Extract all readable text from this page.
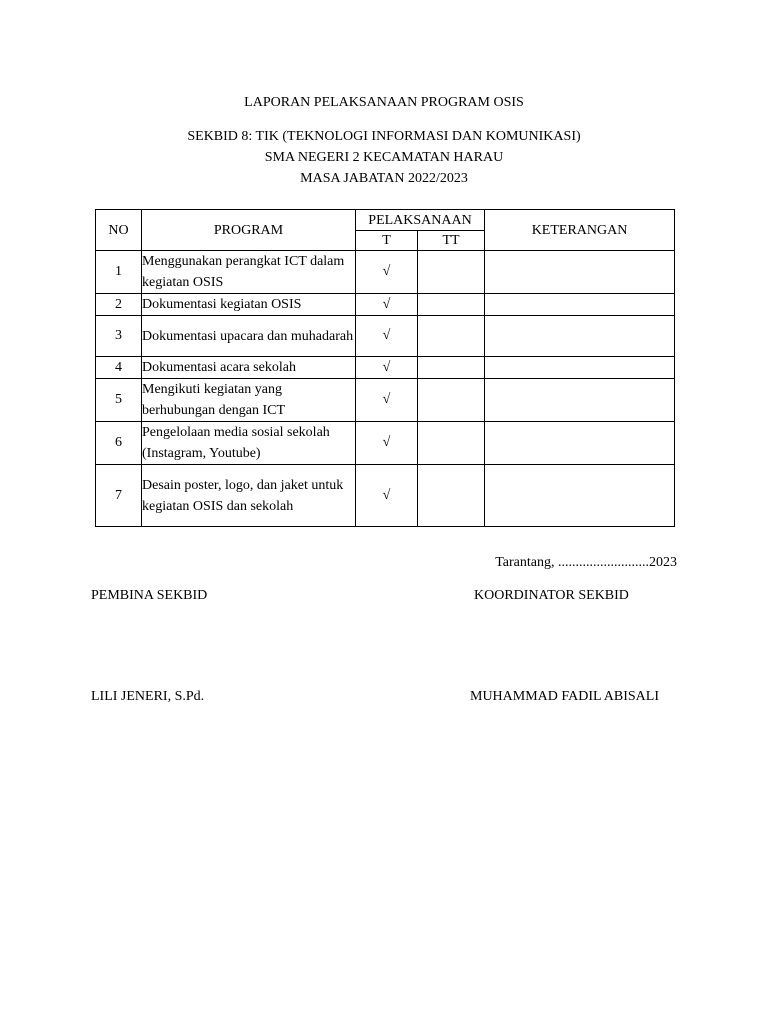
LAPORAN PELAKSANAAN PROGRAM OSIS
SEKBID 8: TIK (TEKNOLOGI INFORMASI DAN KOMUNIKASI)
SMA NEGERI 2 KECAMATAN HARAU
MASA JABATAN 2022/2023
NO	PROGRAM	PELAKSANAAN		KETERANGAN
		T	TT	
1	Menggunakan perangkat ICT dalam kegiatan OSIS	√		
2	Dokumentasi kegiatan OSIS	√		
3	Dokumentasi upacara dan muhadarah	√		
4	Dokumentasi acara sekolah	√		
5	Mengikuti kegiatan yang berhubungan dengan ICT	√		
6	Pengelolaan media sosial sekolah (Instagram, Youtube)	√		
7	Desain poster, logo, dan jaket untuk kegiatan OSIS dan sekolah	√		
Tarantang, ..........................2023
PEMBINA SEKBID	KOORDINATOR SEKBID
LILI JENERI, S.Pd.	MUHAMMAD FADIL ABISALI
